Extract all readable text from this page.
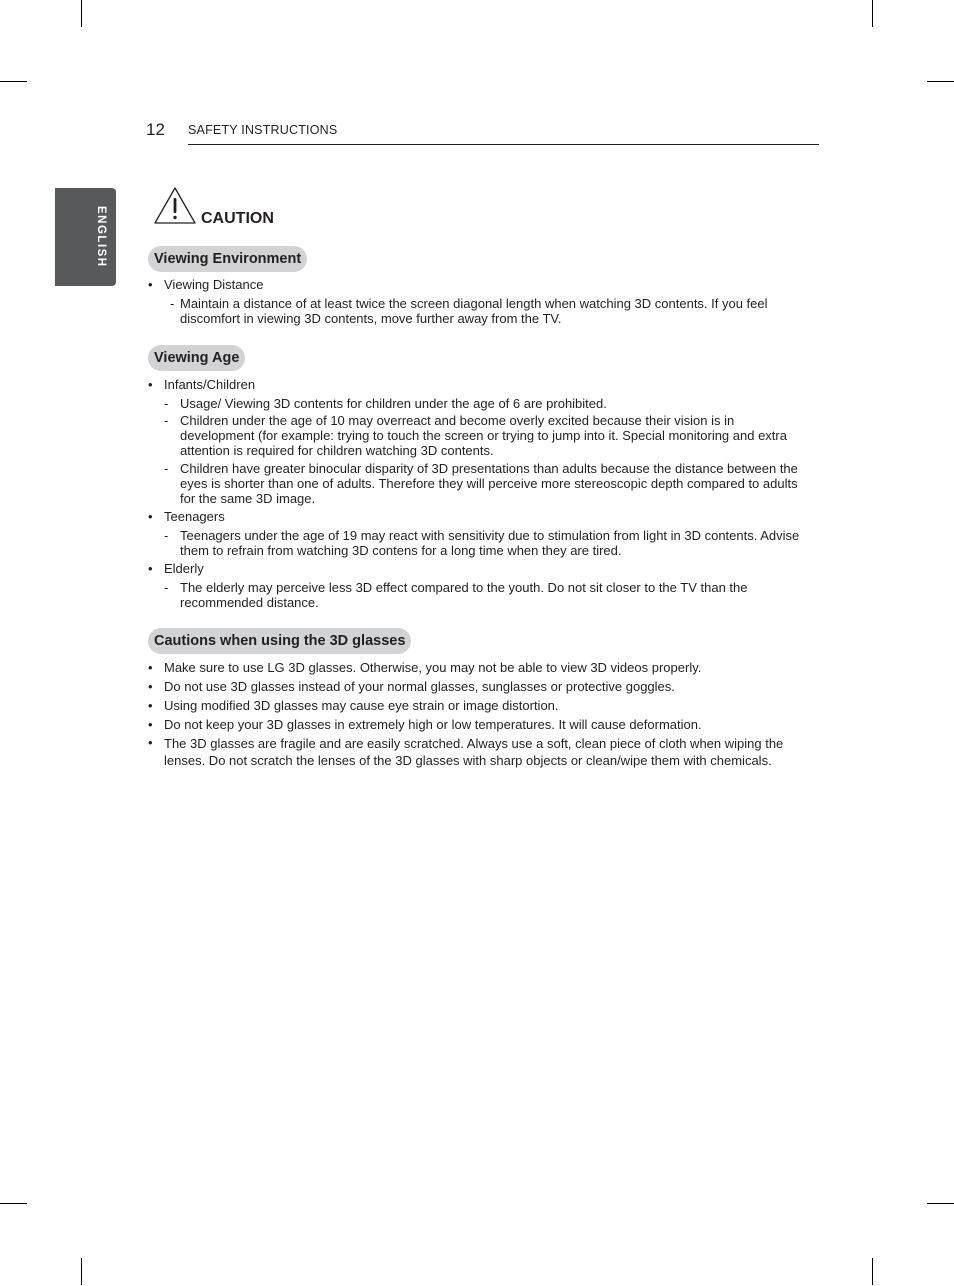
12 SAFETY INSTRUCTIONS
ENGLISH	CAUTION
Viewing Environment
• Viewing Distance
- Maintain a distance of at least twice the screen diagonal length when watching 3D contents. If you feel discomfort in viewing 3D contents, move further away from the TV.
Viewing Age
• Infants/Children
- Usage/ Viewing 3D contents for children under the age of 6 are prohibited.
- Children under the age of 10 may overreact and become overly excited because their vision is in development (for example: trying to touch the screen or trying to jump into it. Special monitoring and extra attention is required for children watching 3D contents.
- Children have greater binocular disparity of 3D presentations than adults because the distance between the eyes is shorter than one of adults. Therefore they will perceive more stereoscopic depth compared to adults for the same 3D image.
• Teenagers
- Teenagers under the age of 19 may react with sensitivity due to stimulation from light in 3D contents. Advise them to refrain from watching 3D contens for a long time when they are tired.
• Elderly
- The elderly may perceive less 3D effect compared to the youth. Do not sit closer to the TV than the recommended distance.
Cautions when using the 3D glasses
• Make sure to use LG 3D glasses. Otherwise, you may not be able to view 3D videos properly.
• Do not use 3D glasses instead of your normal glasses, sunglasses or protective goggles.
• Using modified 3D glasses may cause eye strain or image distortion.
• Do not keep your 3D glasses in extremely high or low temperatures. It will cause deformation.
• The 3D glasses are fragile and are easily scratched. Always use a soft, clean piece of cloth when wiping the lenses. Do not scratch the lenses of the 3D glasses with sharp objects or clean/wipe them with chemicals.
